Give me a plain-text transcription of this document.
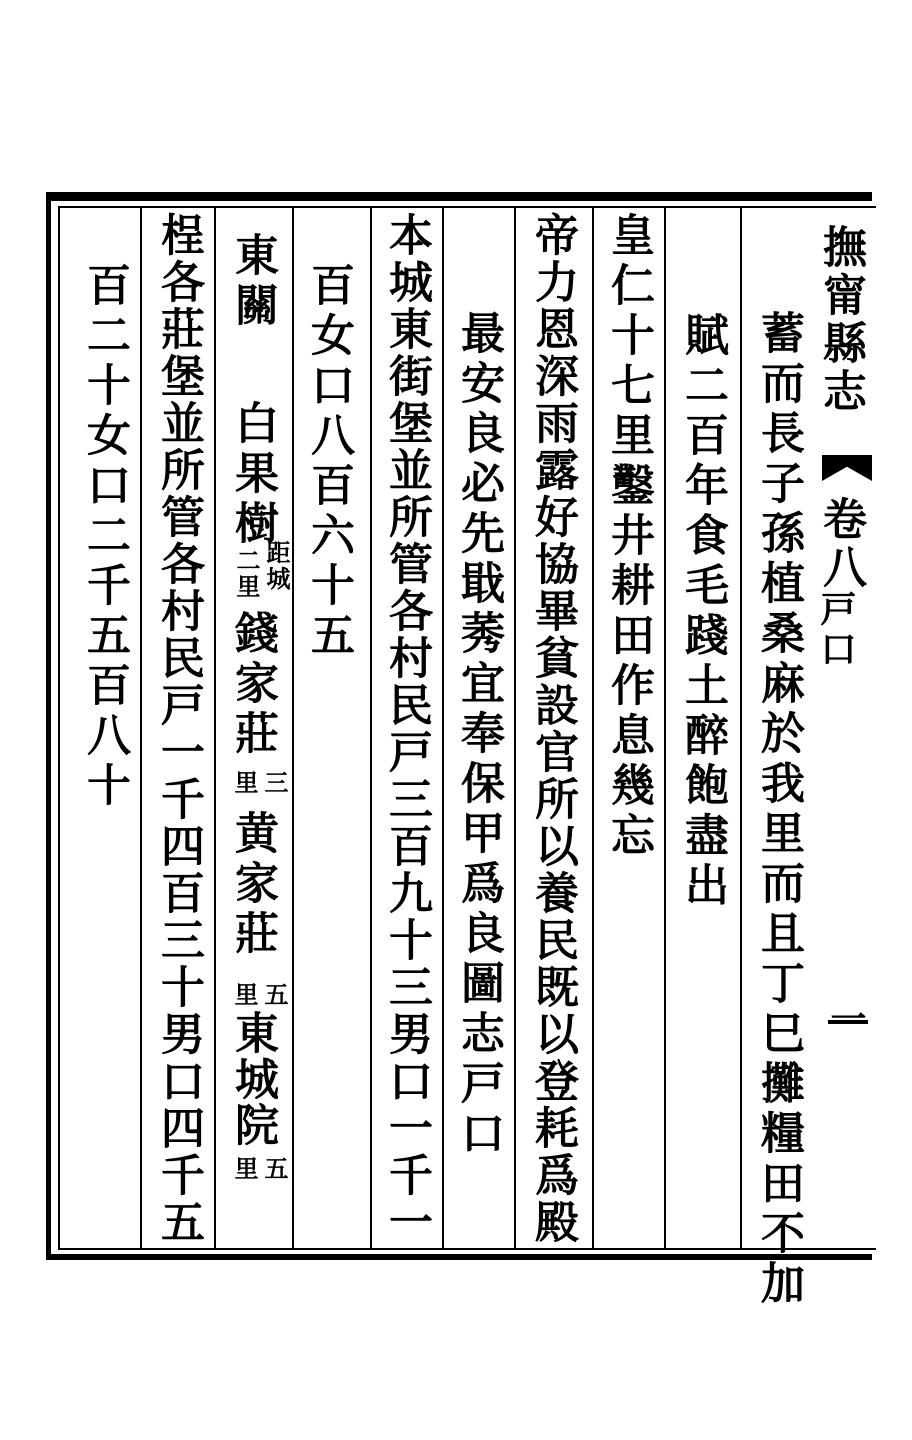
撫甯縣志
卷八
戸口
一
蓄而長子孫植桑麻於我里而且丁巳攤糧田不加
賦二百年食毛踐土醉飽盡出
皇仁十七里鑿井耕田作息幾忘
帝力恩深雨露好協畢貧設官所以養民既以登耗爲殿
最安良必先戢莠宜奉保甲爲良圖志戸口
本城東街堡並所管各村民戸三百九十三男口一千一
百女口八百六十五
東關
白果樹
距城
二里
錢家莊
三
里
黄家莊
五
里
東城院
五
里
桯各莊堡並所管各村民戸一千四百三十男口四千五
百二十女口二千五百八十
